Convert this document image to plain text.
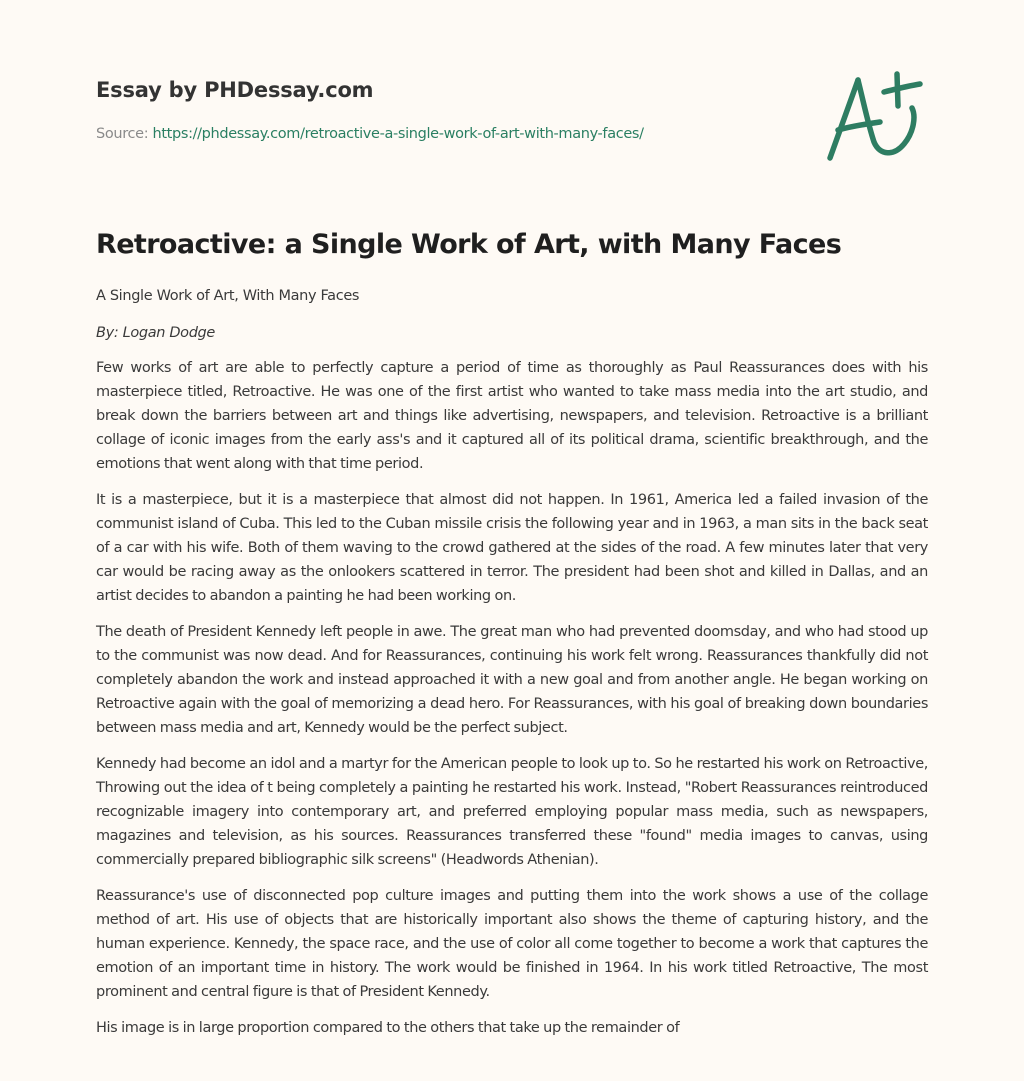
Essay by PHDessay.com
Source: https://phdessay.com/retroactive-a-single-work-of-art-with-many-faces/
Retroactive: a Single Work of Art, with Many Faces
A Single Work of Art, With Many Faces
By: Logan Dodge

Few works of art are able to perfectly capture a period of time as thoroughly as Paul Reassurances does with his masterpiece titled, Retroactive. He was one of the first artist who wanted to take mass media into the art studio, and break down the barriers between art and things like advertising, newspapers, and television. Retroactive is a brilliant collage of iconic images from the early ass's and it captured all of its political drama, scientific breakthrough, and the emotions that went along with that time period.

It is a masterpiece, but it is a masterpiece that almost did not happen. In 1961, America led a failed invasion of the communist island of Cuba. This led to the Cuban missile crisis the following year and in 1963, a man sits in the back seat of a car with his wife. Both of them waving to the crowd gathered at the sides of the road. A few minutes later that very car would be racing away as the onlookers scattered in terror. The president had been shot and killed in Dallas, and an artist decides to abandon a painting he had been working on.

The death of President Kennedy left people in awe. The great man who had prevented doomsday, and who had stood up to the communist was now dead. And for Reassurances, continuing his work felt wrong. Reassurances thankfully did not completely abandon the work and instead approached it with a new goal and from another angle. He began working on Retroactive again with the goal of memorizing a dead hero. For Reassurances, with his goal of breaking down boundaries between mass media and art, Kennedy would be the perfect subject.

Kennedy had become an idol and a martyr for the American people to look up to. So he restarted his work on Retroactive, Throwing out the idea of t being completely a painting he restarted his work. Instead, "Robert Reassurances reintroduced recognizable imagery into contemporary art, and preferred employing popular mass media, such as newspapers, magazines and television, as his sources. Reassurances transferred these "found" media images to canvas, using commercially prepared bibliographic silk screens" (Headwords Athenian).

Reassurance's use of disconnected pop culture images and putting them into the work shows a use of the collage method of art. His use of objects that are historically important also shows the theme of capturing history, and the human experience. Kennedy, the space race, and the use of color all come together to become a work that captures the emotion of an important time in history. The work would be finished in 1964. In his work titled Retroactive, The most prominent and central figure is that of President Kennedy.

His image is in large proportion compared to the others that take up the remainder of
